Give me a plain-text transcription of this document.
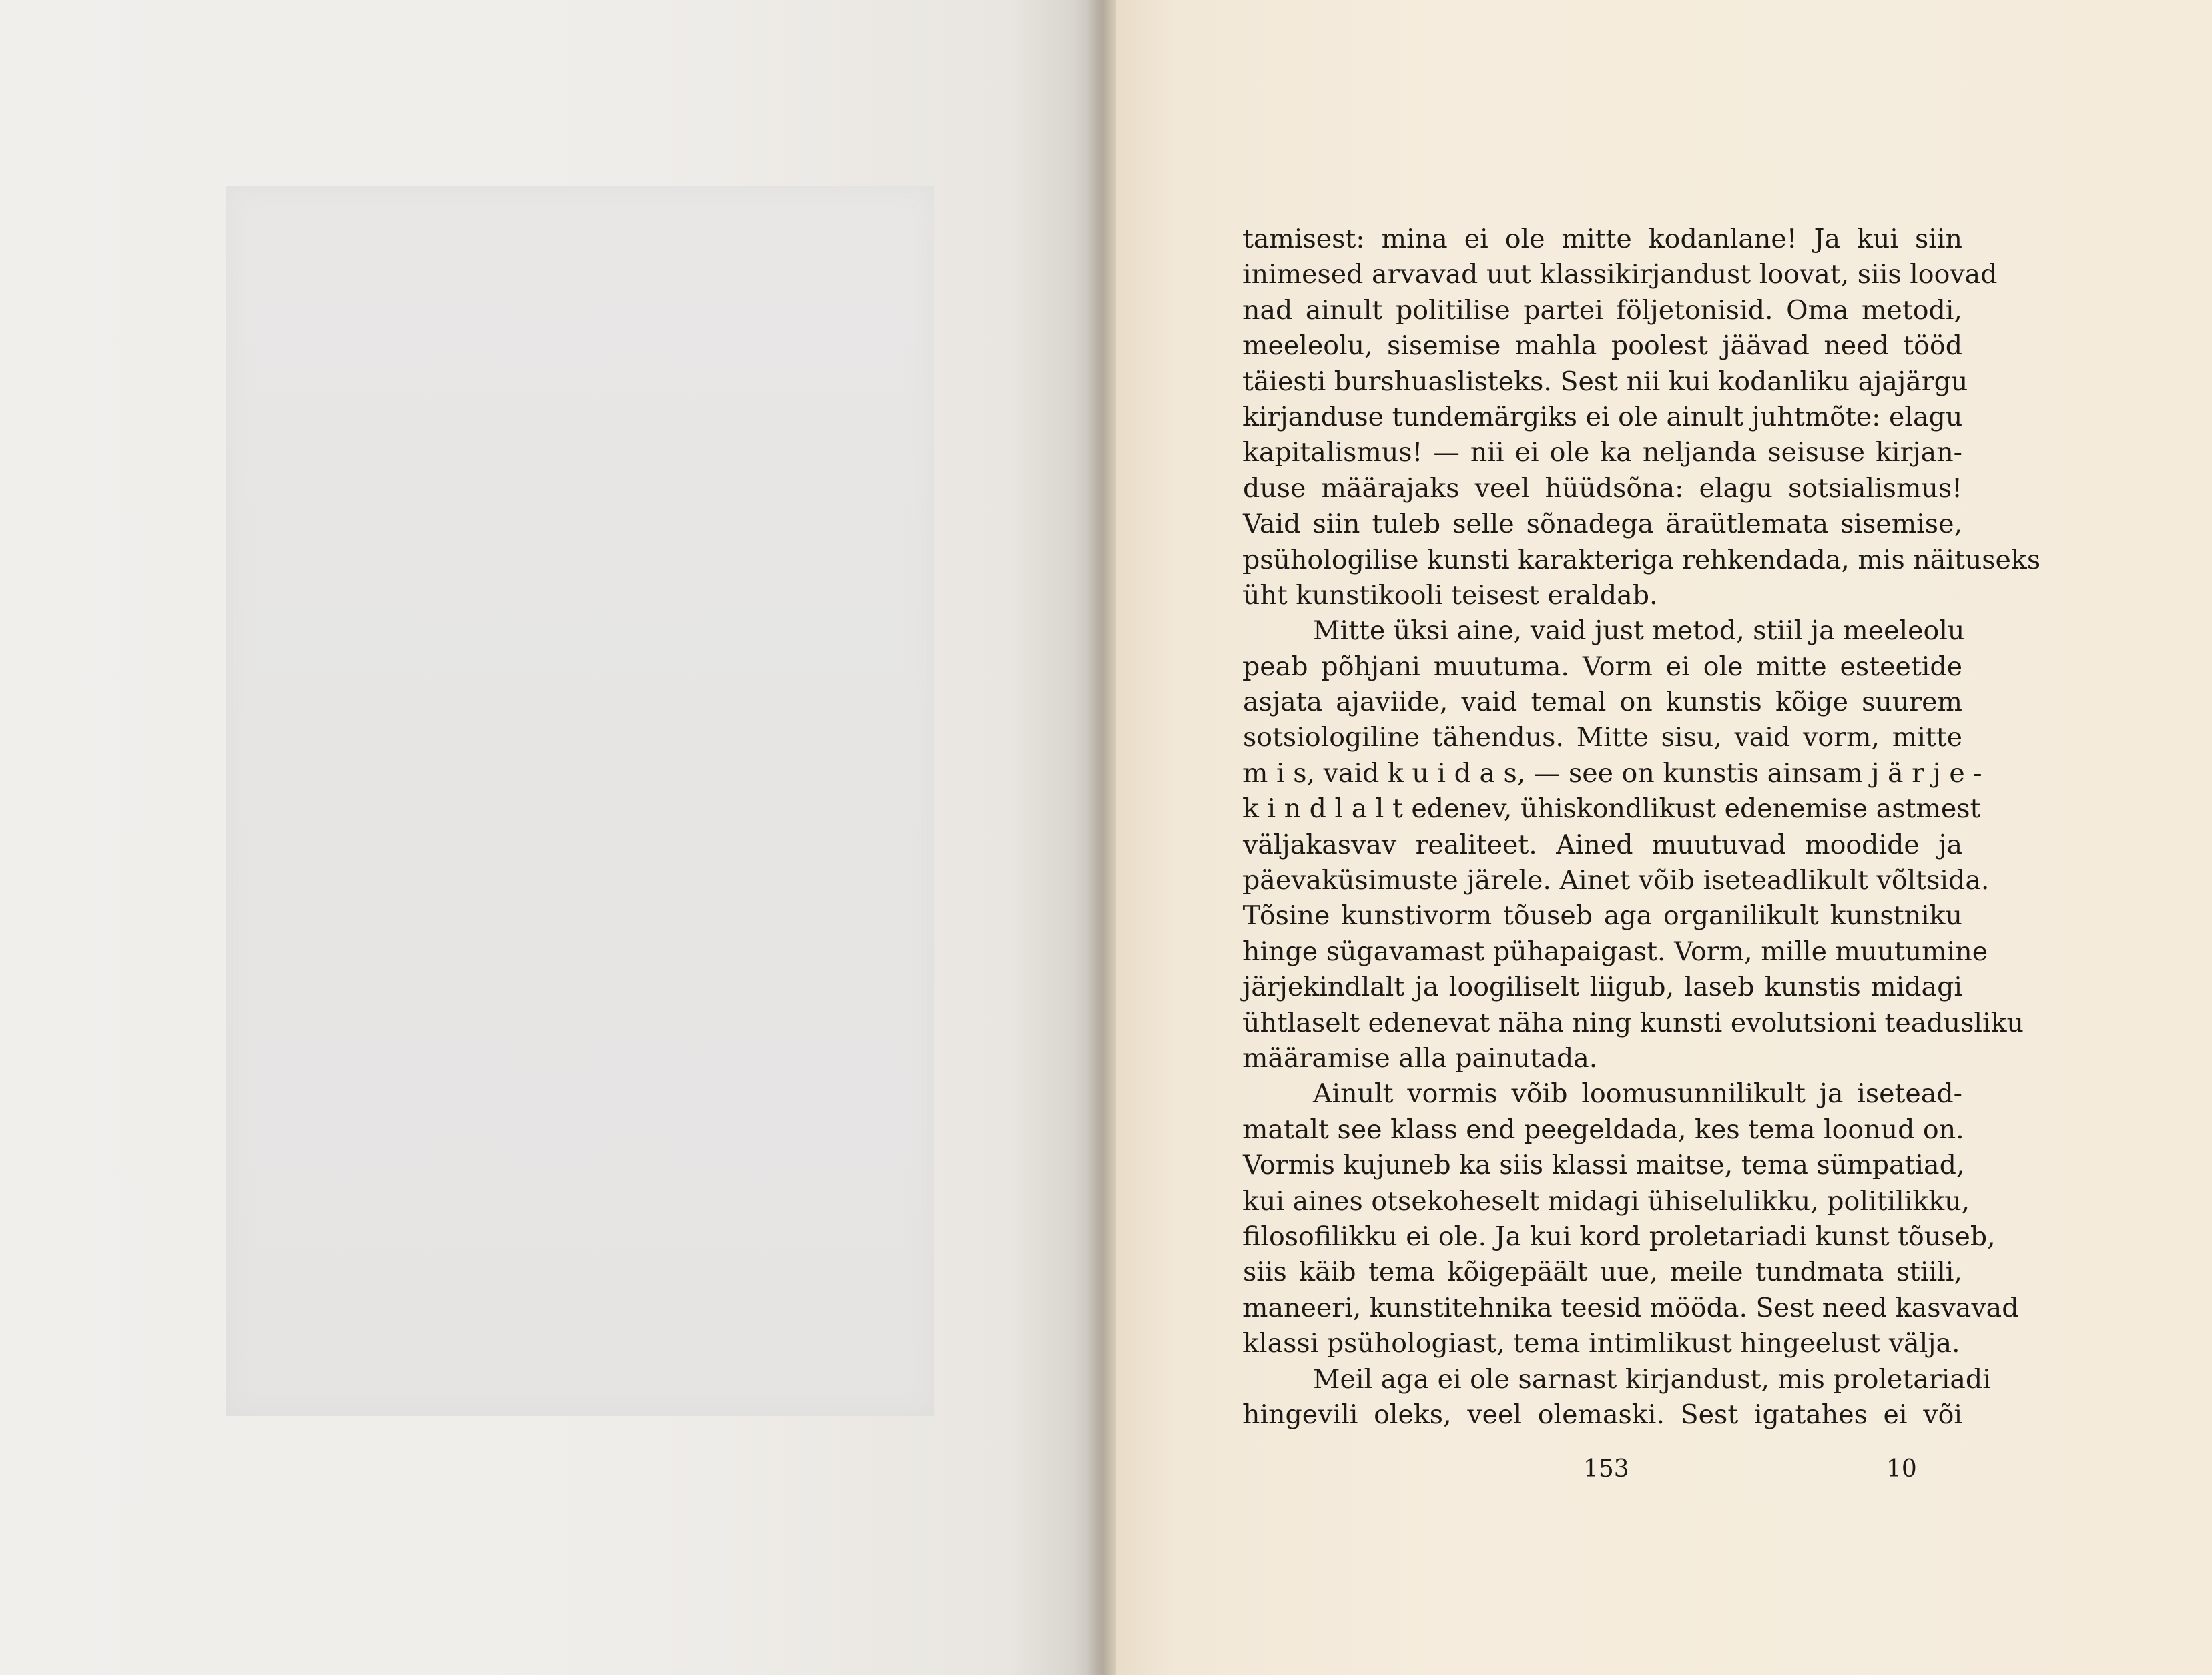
tamisest: mina ei ole mitte kodanlane! Ja kui siin
inimesed arvavad uut klassikirjandust loovat, siis loovad
nad ainult politilise partei följetonisid. Oma metodi,
meeleolu, sisemise mahla poolest jäävad need tööd
täiesti burshuaslisteks. Sest nii kui kodanliku ajajärgu
kirjanduse tundemärgiks ei ole ainult juhtmõte: elagu
kapitalismus! — nii ei ole ka neljanda seisuse kirjan-
duse määrajaks veel hüüdsõna: elagu sotsialismus!
Vaid siin tuleb selle sõnadega äraütlemata sisemise,
psühologilise kunsti karakteriga rehkendada, mis näituseks
üht kunstikooli teisest eraldab.
Mitte üksi aine, vaid just metod, stiil ja meeleolu
peab põhjani muutuma. Vorm ei ole mitte esteetide
asjata ajaviide, vaid temal on kunstis kõige suurem
sotsiologiline tähendus. Mitte sisu, vaid vorm, mitte
m i s, vaid k u i d a s, — see on kunstis ainsam j ä r j e -
k i n d l a l t edenev, ühiskondlikust edenemise astmest
väljakasvav realiteet. Ained muutuvad moodide ja
päevaküsimuste järele. Ainet võib iseteadlikult võltsida.
Tõsine kunstivorm tõuseb aga organilikult kunstniku
hinge sügavamast pühapaigast. Vorm, mille muutumine
järjekindlalt ja loogiliselt liigub, laseb kunstis midagi
ühtlaselt edenevat näha ning kunsti evolutsioni teadusliku
määramise alla painutada.
Ainult vormis võib loomusunnilikult ja isetead-
matalt see klass end peegeldada, kes tema loonud on.
Vormis kujuneb ka siis klassi maitse, tema sümpatiad,
kui aines otsekoheselt midagi ühiselulikku, politilikku,
filosofilikku ei ole. Ja kui kord proletariadi kunst tõuseb,
siis käib tema kõigepäält uue, meile tundmata stiili,
maneeri, kunstitehnika teesid mööda. Sest need kasvavad
klassi psühologiast, tema intimlikust hingeelust välja.
Meil aga ei ole sarnast kirjandust, mis proletariadi
hingevili oleks, veel olemaski. Sest igatahes ei või
153	10
